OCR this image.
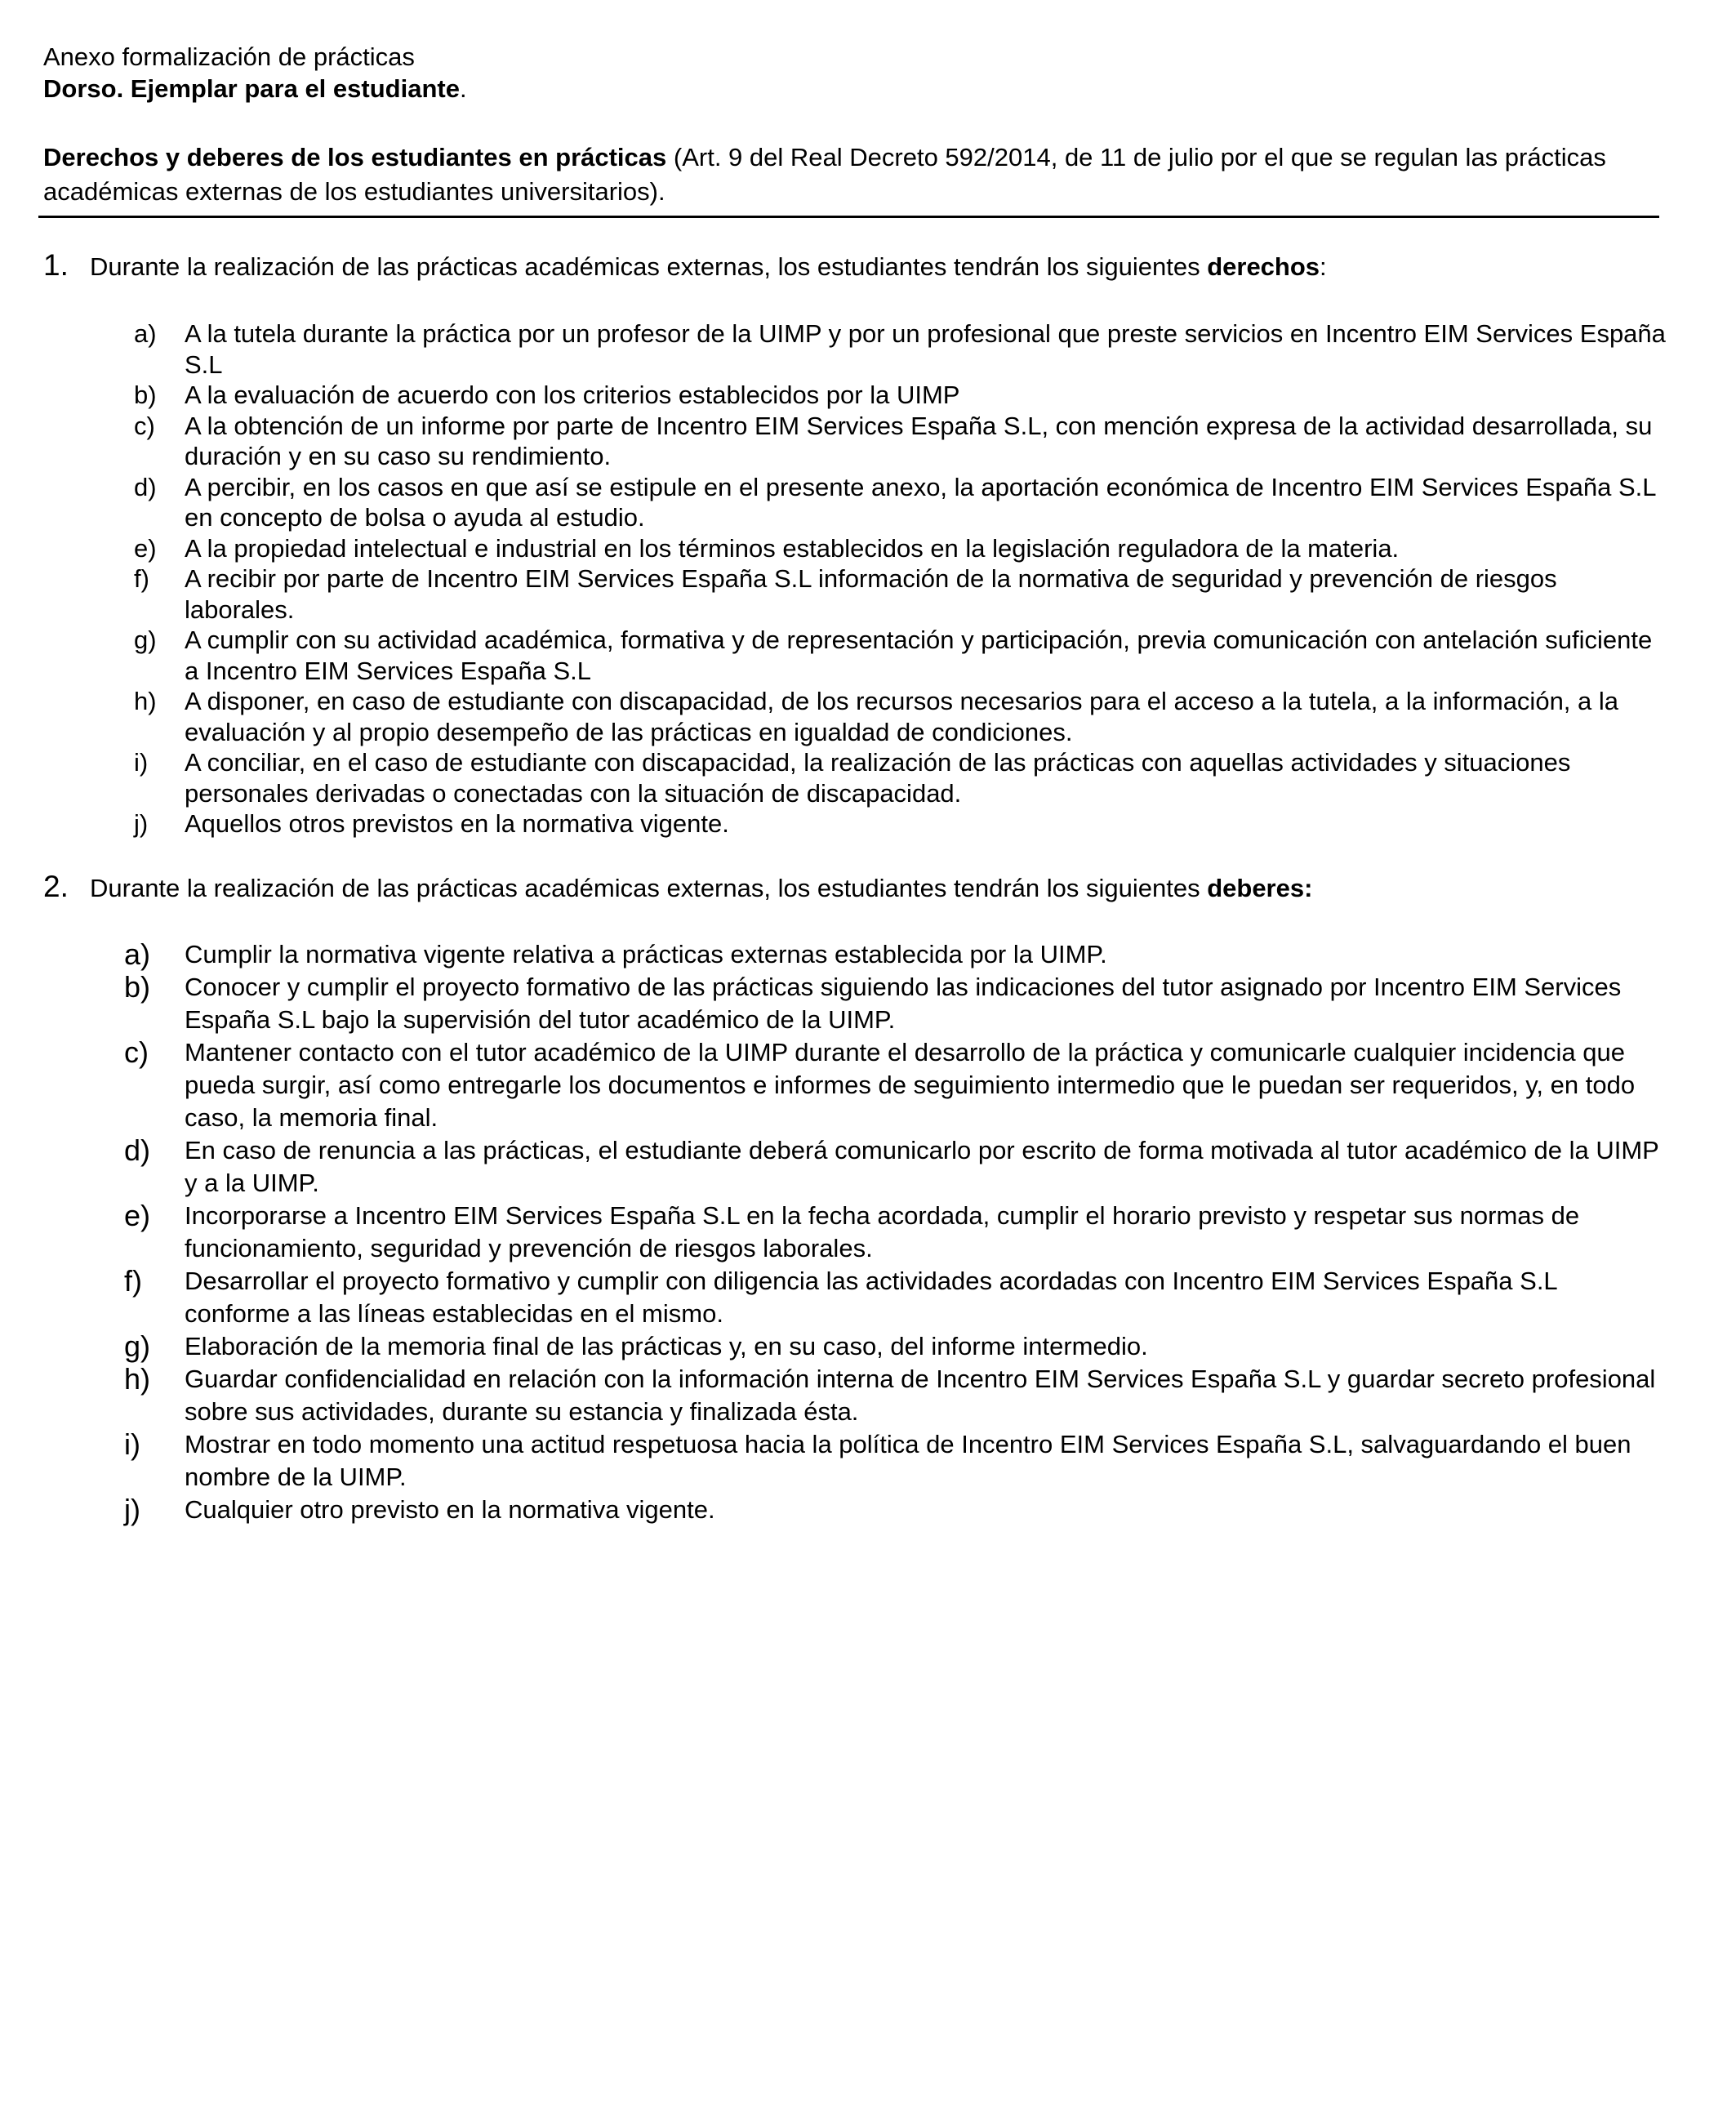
Anexo formalización de prácticas
Dorso. Ejemplar para el estudiante.
Derechos y deberes de los estudiantes en prácticas (Art. 9 del Real Decreto 592/2014, de 11 de julio por el que se regulan las prácticas académicas externas de los estudiantes universitarios).
1. Durante la realización de las prácticas académicas externas, los estudiantes tendrán los siguientes derechos:
a) A la tutela durante la práctica por un profesor de la UIMP y por un profesional que preste servicios en Incentro EIM Services España S.L
b) A la evaluación de acuerdo con los criterios establecidos por la UIMP
c) A la obtención de un informe por parte de Incentro EIM Services España S.L, con mención expresa de la actividad desarrollada, su duración y en su caso su rendimiento.
d) A percibir, en los casos en que así se estipule en el presente anexo, la aportación económica de Incentro EIM Services España S.L en concepto de bolsa o ayuda al estudio.
e) A la propiedad intelectual e industrial en los términos establecidos en la legislación reguladora de la materia.
f) A recibir por parte de Incentro EIM Services España S.L información de la normativa de seguridad y prevención de riesgos laborales.
g) A cumplir con su actividad académica, formativa y de representación y participación, previa comunicación con antelación suficiente a Incentro EIM Services España S.L
h) A disponer, en caso de estudiante con discapacidad, de los recursos necesarios para el acceso a la tutela, a la información, a la evaluación y al propio desempeño de las prácticas en igualdad de condiciones.
i) A conciliar, en el caso de estudiante con discapacidad, la realización de las prácticas con aquellas actividades y situaciones personales derivadas o conectadas con la situación de discapacidad.
j) Aquellos otros previstos en la normativa vigente.
2. Durante la realización de las prácticas académicas externas, los estudiantes tendrán los siguientes deberes:
a) Cumplir la normativa vigente relativa a prácticas externas establecida por la UIMP.
b) Conocer y cumplir el proyecto formativo de las prácticas siguiendo las indicaciones del tutor asignado por Incentro EIM Services España S.L bajo la supervisión del tutor académico de la UIMP.
c) Mantener contacto con el tutor académico de la UIMP durante el desarrollo de la práctica y comunicarle cualquier incidencia que pueda surgir, así como entregarle los documentos e informes de seguimiento intermedio que le puedan ser requeridos, y, en todo caso, la memoria final.
d) En caso de renuncia a las prácticas, el estudiante deberá comunicarlo por escrito de forma motivada al tutor académico de la UIMP y a la UIMP.
e) Incorporarse a Incentro EIM Services España S.L en la fecha acordada, cumplir el horario previsto y respetar sus normas de funcionamiento, seguridad y prevención de riesgos laborales.
f) Desarrollar el proyecto formativo y cumplir con diligencia las actividades acordadas con Incentro EIM Services España S.L conforme a las líneas establecidas en el mismo.
g) Elaboración de la memoria final de las prácticas y, en su caso, del informe intermedio.
h) Guardar confidencialidad en relación con la información interna de Incentro EIM Services España S.L y guardar secreto profesional sobre sus actividades, durante su estancia y finalizada ésta.
i) Mostrar en todo momento una actitud respetuosa hacia la política de Incentro EIM Services España S.L, salvaguardando el buen nombre de la UIMP.
j) Cualquier otro previsto en la normativa vigente.
